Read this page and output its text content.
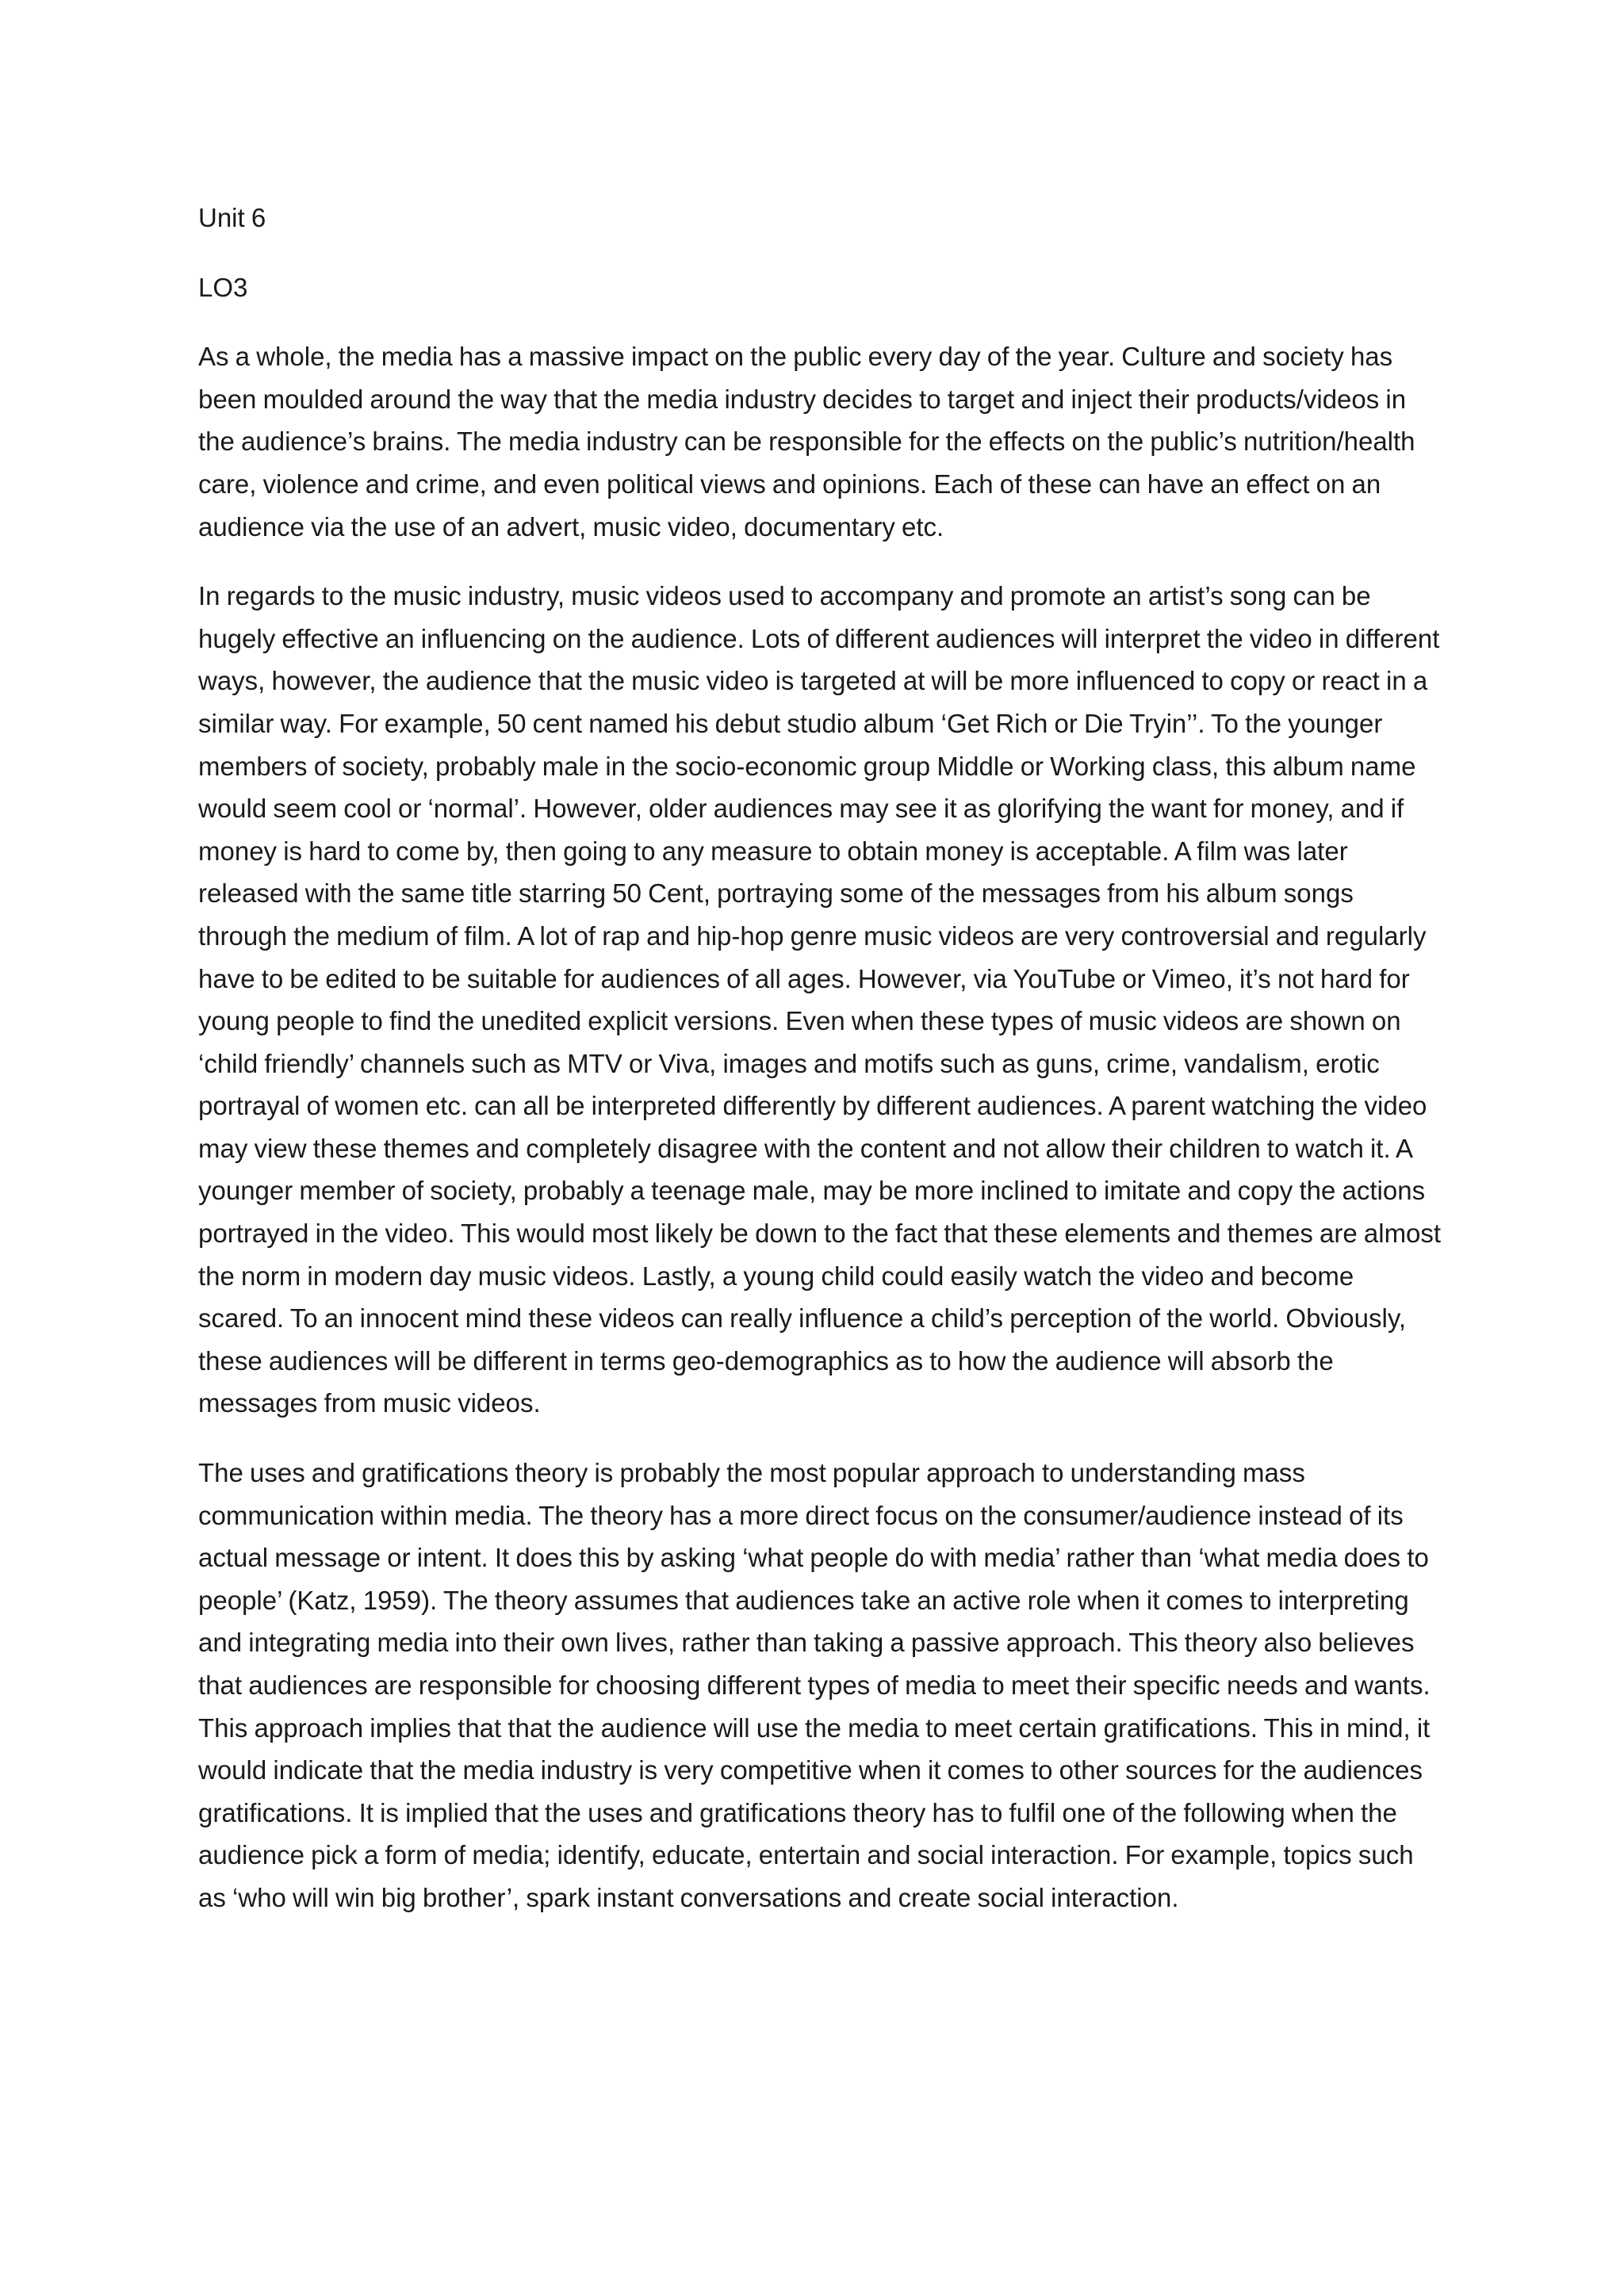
Unit 6

LO3

As a whole, the media has a massive impact on the public every day of the year. Culture and society has been moulded around the way that the media industry decides to target and inject their products/videos in the audience’s brains. The media industry can be responsible for the effects on the public’s nutrition/health care, violence and crime, and even political views and opinions. Each of these can have an effect on an audience via the use of an advert, music video, documentary etc.

In regards to the music industry, music videos used to accompany and promote an artist’s song can be hugely effective an influencing on the audience. Lots of different audiences will interpret the video in different ways, however, the audience that the music video is targeted at will be more influenced to copy or react in a similar way. For example, 50 cent named his debut studio album ‘Get Rich or Die Tryin’’. To the younger members of society, probably male in the socio-economic group Middle or Working class, this album name would seem cool or ‘normal’. However, older audiences may see it as glorifying the want for money, and if money is hard to come by, then going to any measure to obtain money is acceptable. A film was later released with the same title starring 50 Cent, portraying some of the messages from his album songs through the medium of film. A lot of rap and hip-hop genre music videos are very controversial and regularly have to be edited to be suitable for audiences of all ages. However, via YouTube or Vimeo, it’s not hard for young people to find the unedited explicit versions. Even when these types of music videos are shown on ‘child friendly’ channels such as MTV or Viva, images and motifs such as guns, crime, vandalism, erotic portrayal of women etc. can all be interpreted differently by different audiences. A parent watching the video may view these themes and completely disagree with the content and not allow their children to watch it. A younger member of society, probably a teenage male, may be more inclined to imitate and copy the actions portrayed in the video. This would most likely be down to the fact that these elements and themes are almost the norm in modern day music videos. Lastly, a young child could easily watch the video and become scared. To an innocent mind these videos can really influence a child’s perception of the world. Obviously, these audiences will be different in terms geo-demographics as to how the audience will absorb the messages from music videos.

The uses and gratifications theory is probably the most popular approach to understanding mass communication within media. The theory has a more direct focus on the consumer/audience instead of its actual message or intent. It does this by asking ‘what people do with media’ rather than ‘what media does to people’ (Katz, 1959). The theory assumes that audiences take an active role when it comes to interpreting and integrating media into their own lives, rather than taking a passive approach. This theory also believes that audiences are responsible for choosing different types of media to meet their specific needs and wants. This approach implies that that the audience will use the media to meet certain gratifications. This in mind, it would indicate that the media industry is very competitive when it comes to other sources for the audiences gratifications. It is implied that the uses and gratifications theory has to fulfil one of the following when the audience pick a form of media; identify, educate, entertain and social interaction. For example, topics such as ‘who will win big brother’, spark instant conversations and create social interaction.
